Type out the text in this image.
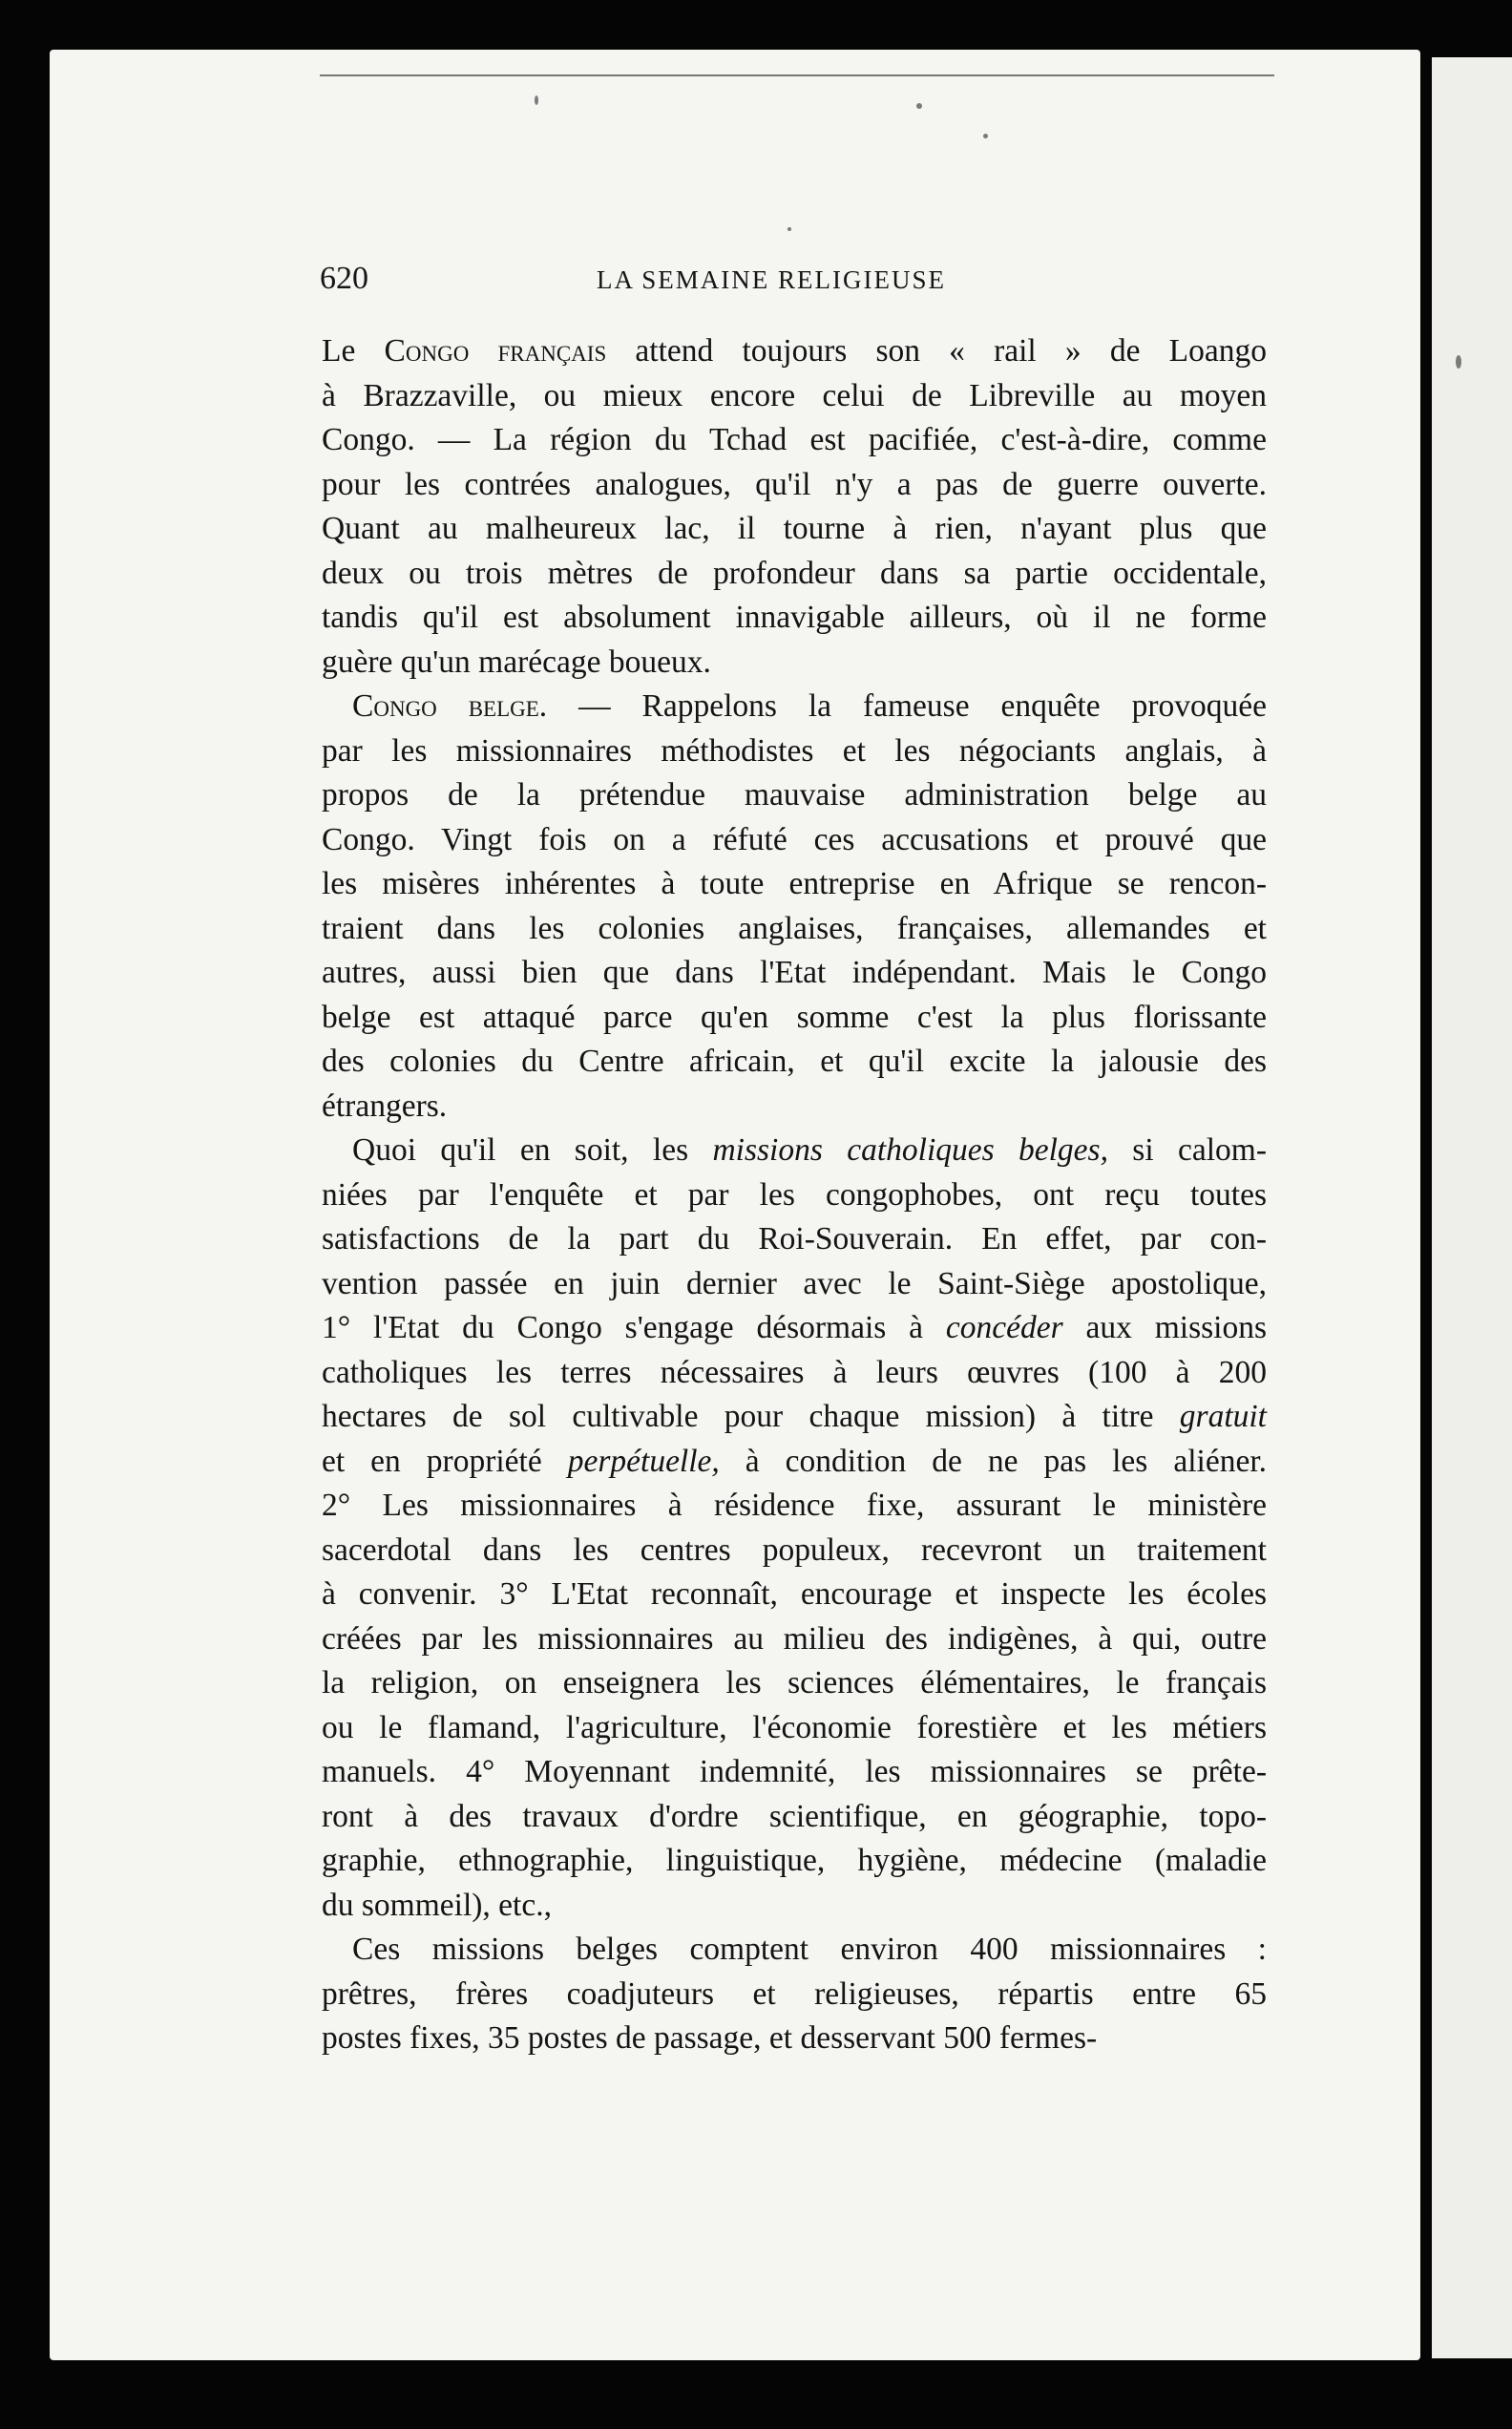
620	LA SEMAINE RELIGIEUSE
Le Congo français attend toujours son « rail » de Loango
à Brazzaville, ou mieux encore celui de Libreville au moyen
Congo. — La région du Tchad est pacifiée, c'est-à-dire, comme
pour les contrées analogues, qu'il n'y a pas de guerre ouverte.
Quant au malheureux lac, il tourne à rien, n'ayant plus que
deux ou trois mètres de profondeur dans sa partie occidentale,
tandis qu'il est absolument innavigable ailleurs, où il ne forme
guère qu'un marécage boueux.
Congo belge. — Rappelons la fameuse enquête provoquée
par les missionnaires méthodistes et les négociants anglais, à
propos de la prétendue mauvaise administration belge au
Congo. Vingt fois on a réfuté ces accusations et prouvé que
les misères inhérentes à toute entreprise en Afrique se rencon-
traient dans les colonies anglaises, françaises, allemandes et
autres, aussi bien que dans l'Etat indépendant. Mais le Congo
belge est attaqué parce qu'en somme c'est la plus florissante
des colonies du Centre africain, et qu'il excite la jalousie des
étrangers.
Quoi qu'il en soit, les missions catholiques belges, si calom-
niées par l'enquête et par les congophobes, ont reçu toutes
satisfactions de la part du Roi-Souverain. En effet, par con-
vention passée en juin dernier avec le Saint-Siège apostolique,
1° l'Etat du Congo s'engage désormais à concéder aux missions
catholiques les terres nécessaires à leurs œuvres (100 à 200
hectares de sol cultivable pour chaque mission) à titre gratuit
et en propriété perpétuelle, à condition de ne pas les aliéner.
2° Les missionnaires à résidence fixe, assurant le ministère
sacerdotal dans les centres populeux, recevront un traitement
à convenir. 3° L'Etat reconnaît, encourage et inspecte les écoles
créées par les missionnaires au milieu des indigènes, à qui, outre
la religion, on enseignera les sciences élémentaires, le français
ou le flamand, l'agriculture, l'économie forestière et les métiers
manuels. 4° Moyennant indemnité, les missionnaires se prête-
ront à des travaux d'ordre scientifique, en géographie, topo-
graphie, ethnographie, linguistique, hygiène, médecine (maladie
du sommeil), etc.,
Ces missions belges comptent environ 400 missionnaires :
prêtres, frères coadjuteurs et religieuses, répartis entre 65
postes fixes, 35 postes de passage, et desservant 500 fermes-
